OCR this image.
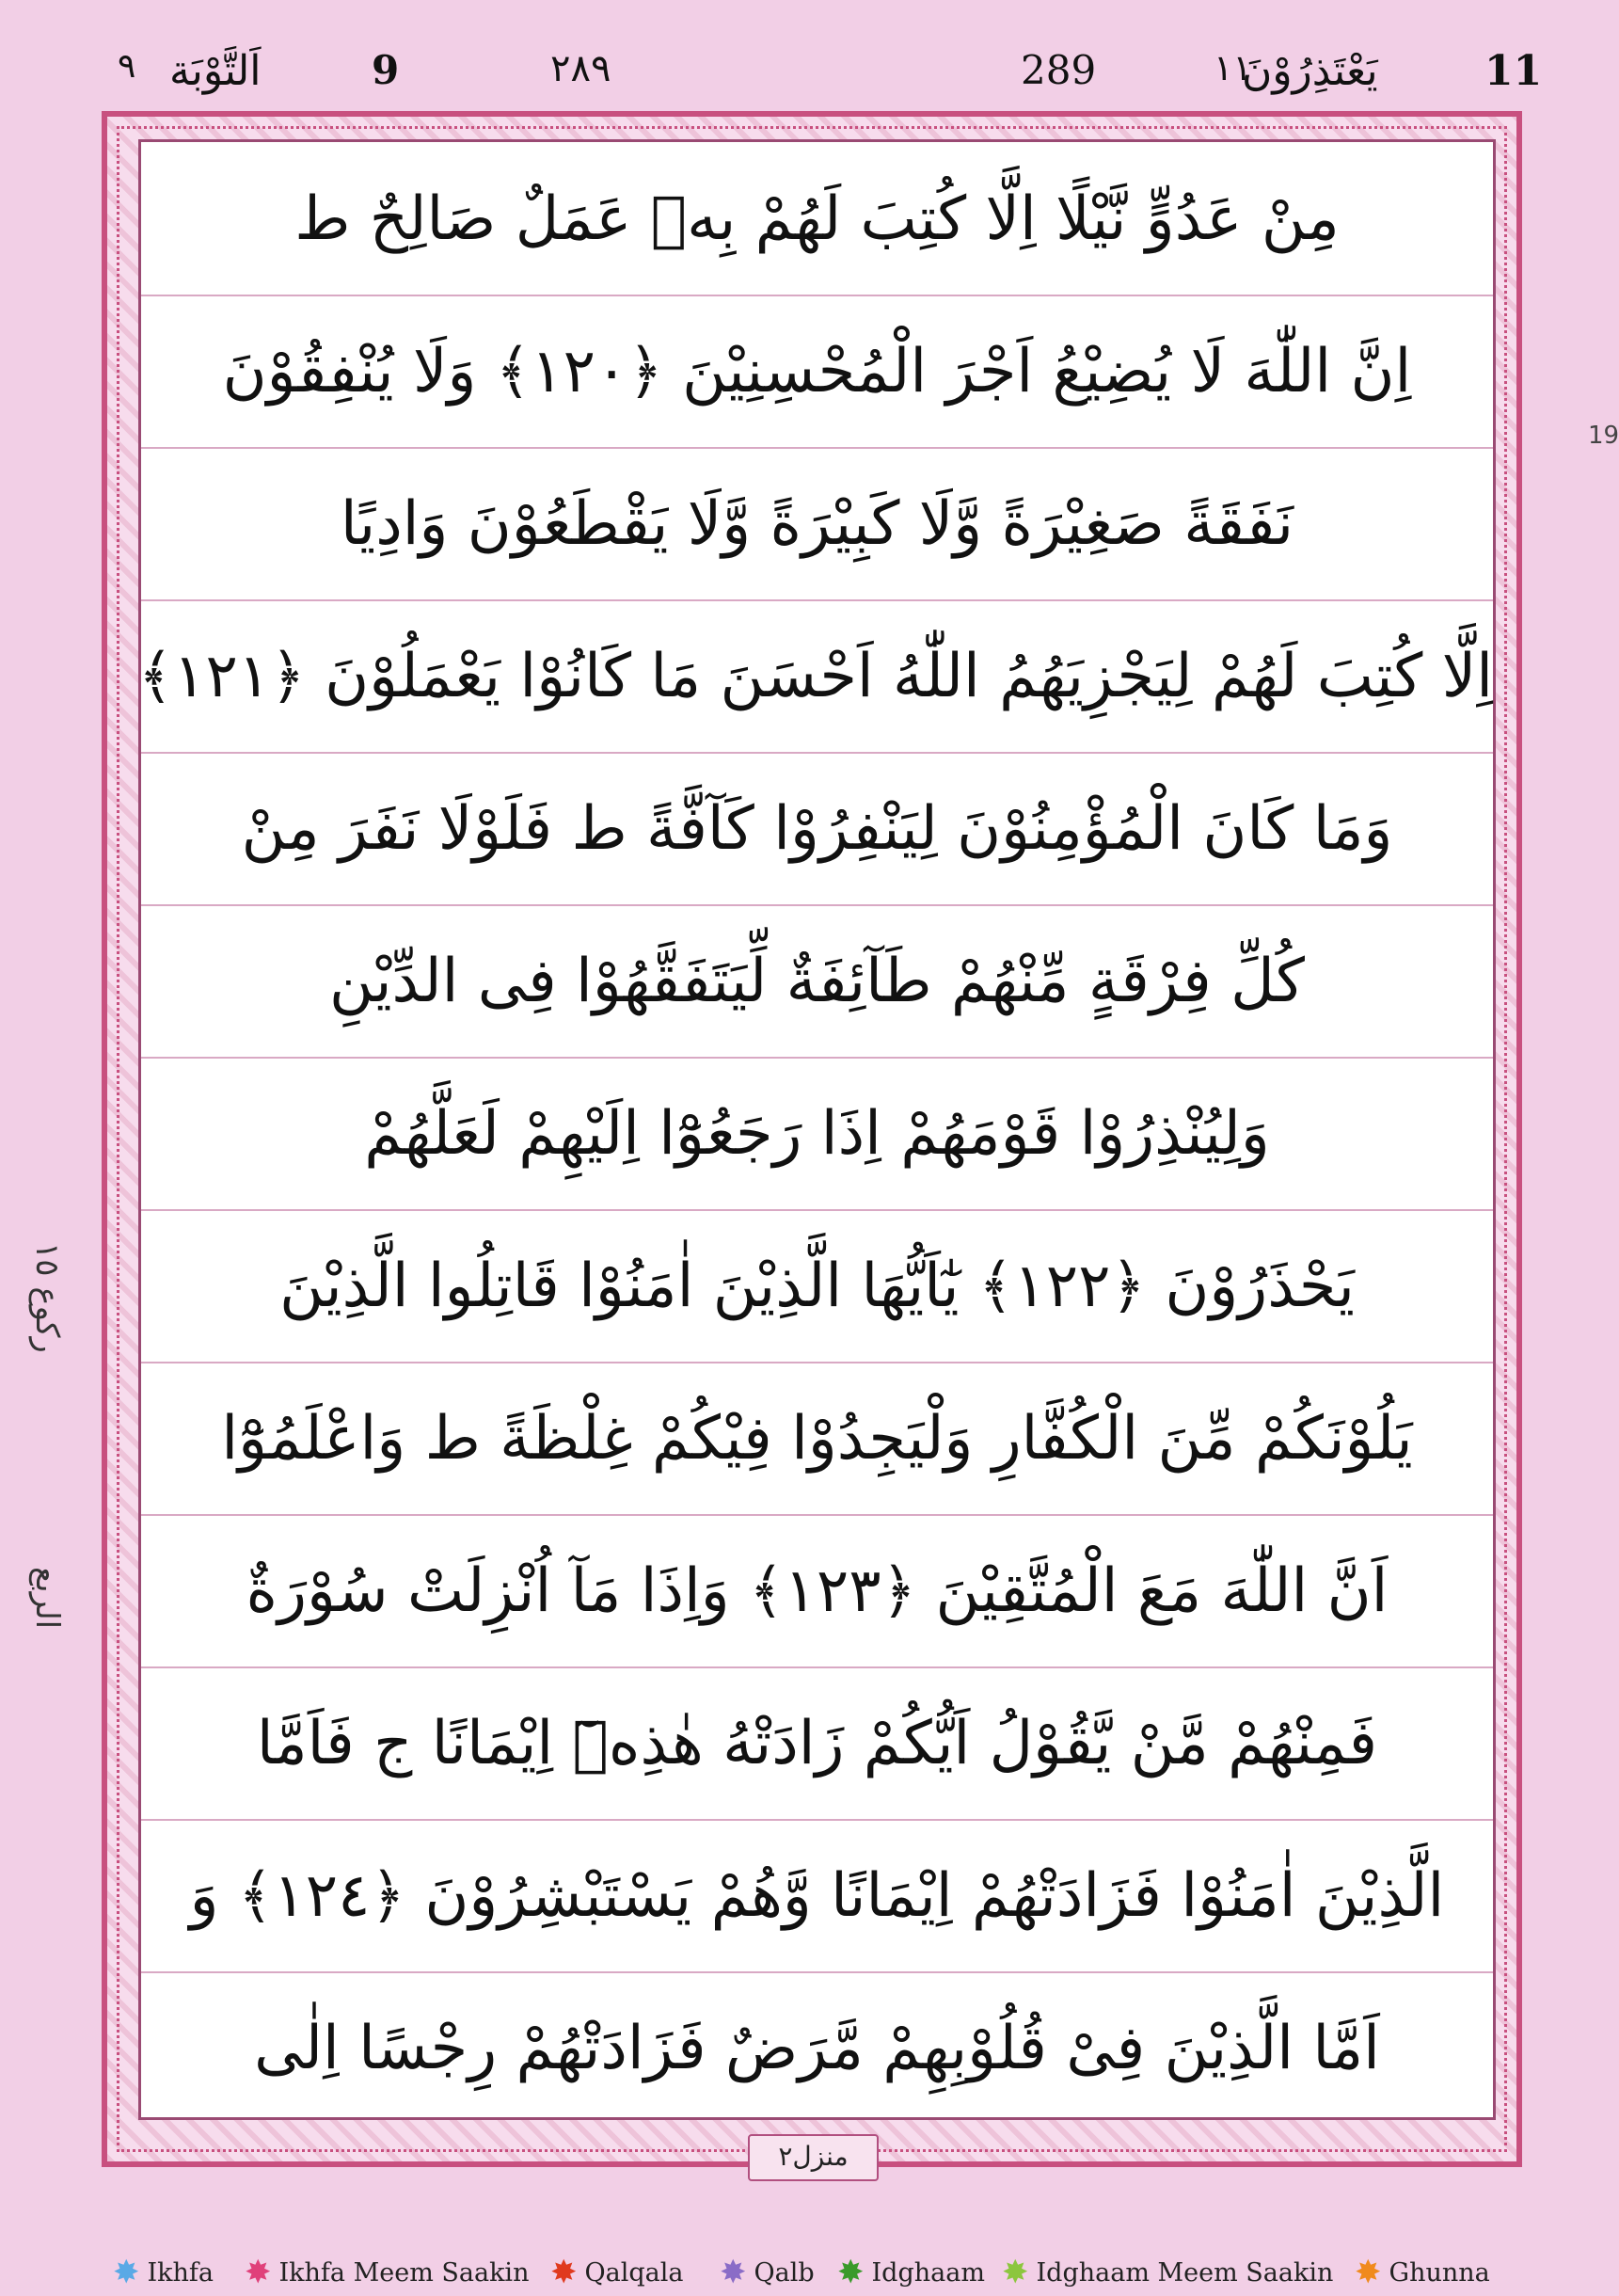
11
يَعْتَذِرُوْنَ
١١
289
٢٨٩
9
اَلتَّوْبَة
٩
مِنْ عَدُوٍّ نَّيْلًا اِلَّا كُتِبَ لَهُمْ بِهٖ عَمَلٌ صَالِحٌ ط
اِنَّ اللّٰهَ لَا يُضِيْعُ اَجْرَ الْمُحْسِنِيْنَ ﴿١٢٠﴾ وَلَا يُنْفِقُوْنَ
نَفَقَةً صَغِيْرَةً وَّلَا كَبِيْرَةً وَّلَا يَقْطَعُوْنَ وَادِيًا
اِلَّا كُتِبَ لَهُمْ لِيَجْزِيَهُمُ اللّٰهُ اَحْسَنَ مَا كَانُوْا يَعْمَلُوْنَ ﴿١٢١﴾
وَمَا كَانَ الْمُؤْمِنُوْنَ لِيَنْفِرُوْا كَآفَّةً ط فَلَوْلَا نَفَرَ مِنْ
كُلِّ فِرْقَةٍ مِّنْهُمْ طَآئِفَةٌ لِّيَتَفَقَّهُوْا فِى الدِّيْنِ
وَلِيُنْذِرُوْا قَوْمَهُمْ اِذَا رَجَعُوْٓا اِلَيْهِمْ لَعَلَّهُمْ
يَحْذَرُوْنَ ﴿١٢٢﴾ يٰٓاَيُّهَا الَّذِيْنَ اٰمَنُوْا قَاتِلُوا الَّذِيْنَ
يَلُوْنَكُمْ مِّنَ الْكُفَّارِ وَلْيَجِدُوْا فِيْكُمْ غِلْظَةً ط وَاعْلَمُوْٓا
اَنَّ اللّٰهَ مَعَ الْمُتَّقِيْنَ ﴿١٢٣﴾ وَاِذَا مَآ اُنْزِلَتْ سُوْرَةٌ
فَمِنْهُمْ مَّنْ يَّقُوْلُ اَيُّكُمْ زَادَتْهُ هٰذِهٖٓ اِيْمَانًا ج فَاَمَّا
الَّذِيْنَ اٰمَنُوْا فَزَادَتْهُمْ اِيْمَانًا وَّهُمْ يَسْتَبْشِرُوْنَ ﴿١٢٤﴾ وَ
اَمَّا الَّذِيْنَ فِىْ قُلُوْبِهِمْ مَّرَضٌ فَزَادَتْهُمْ رِجْسًا اِلٰى
ركوع ١٥
الربع
19
منزل٢
✸ Ikhfa ✸ Ikhfa Meem Saakin ✸ Qalqala ✸ Qalb ✸ Idghaam ✸ Idghaam Meem Saakin ✸ Ghunna
